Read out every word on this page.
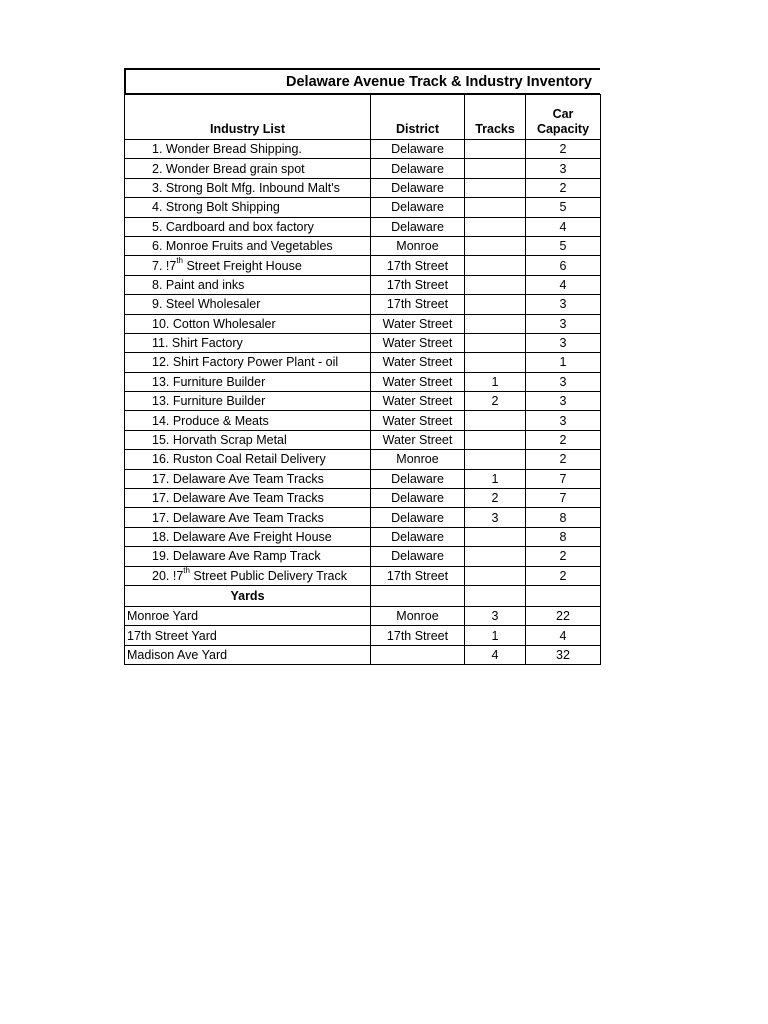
Delaware Avenue Track & Industry Inventory
Industry List	District	Tracks	Car
Capacity
1. Wonder Bread Shipping.	Delaware		2
2. Wonder Bread grain spot	Delaware		3
3. Strong Bolt Mfg. Inbound Malt's	Delaware		2
4. Strong Bolt Shipping	Delaware		5
5. Cardboard and box factory	Delaware		4
6. Monroe Fruits and Vegetables	Monroe		5
7. !7th Street Freight House	17th Street		6
8. Paint and inks	17th Street		4
9. Steel Wholesaler	17th Street		3
10. Cotton Wholesaler	Water Street		3
11. Shirt Factory	Water Street		3
12. Shirt Factory Power Plant - oil	Water Street		1
13. Furniture Builder	Water Street	1	3
13. Furniture Builder	Water Street	2	3
14. Produce & Meats	Water Street		3
15. Horvath Scrap Metal	Water Street		2
16. Ruston Coal Retail Delivery	Monroe		2
17. Delaware Ave Team Tracks	Delaware	1	7
17. Delaware Ave Team Tracks	Delaware	2	7
17. Delaware Ave Team Tracks	Delaware	3	8
18. Delaware Ave Freight House	Delaware		8
19. Delaware Ave Ramp Track	Delaware		2
20. !7th Street Public Delivery Track	17th Street		2
Yards			
Monroe Yard	Monroe	3	22
17th Street Yard	17th Street	1	4
Madison Ave Yard		4	32
